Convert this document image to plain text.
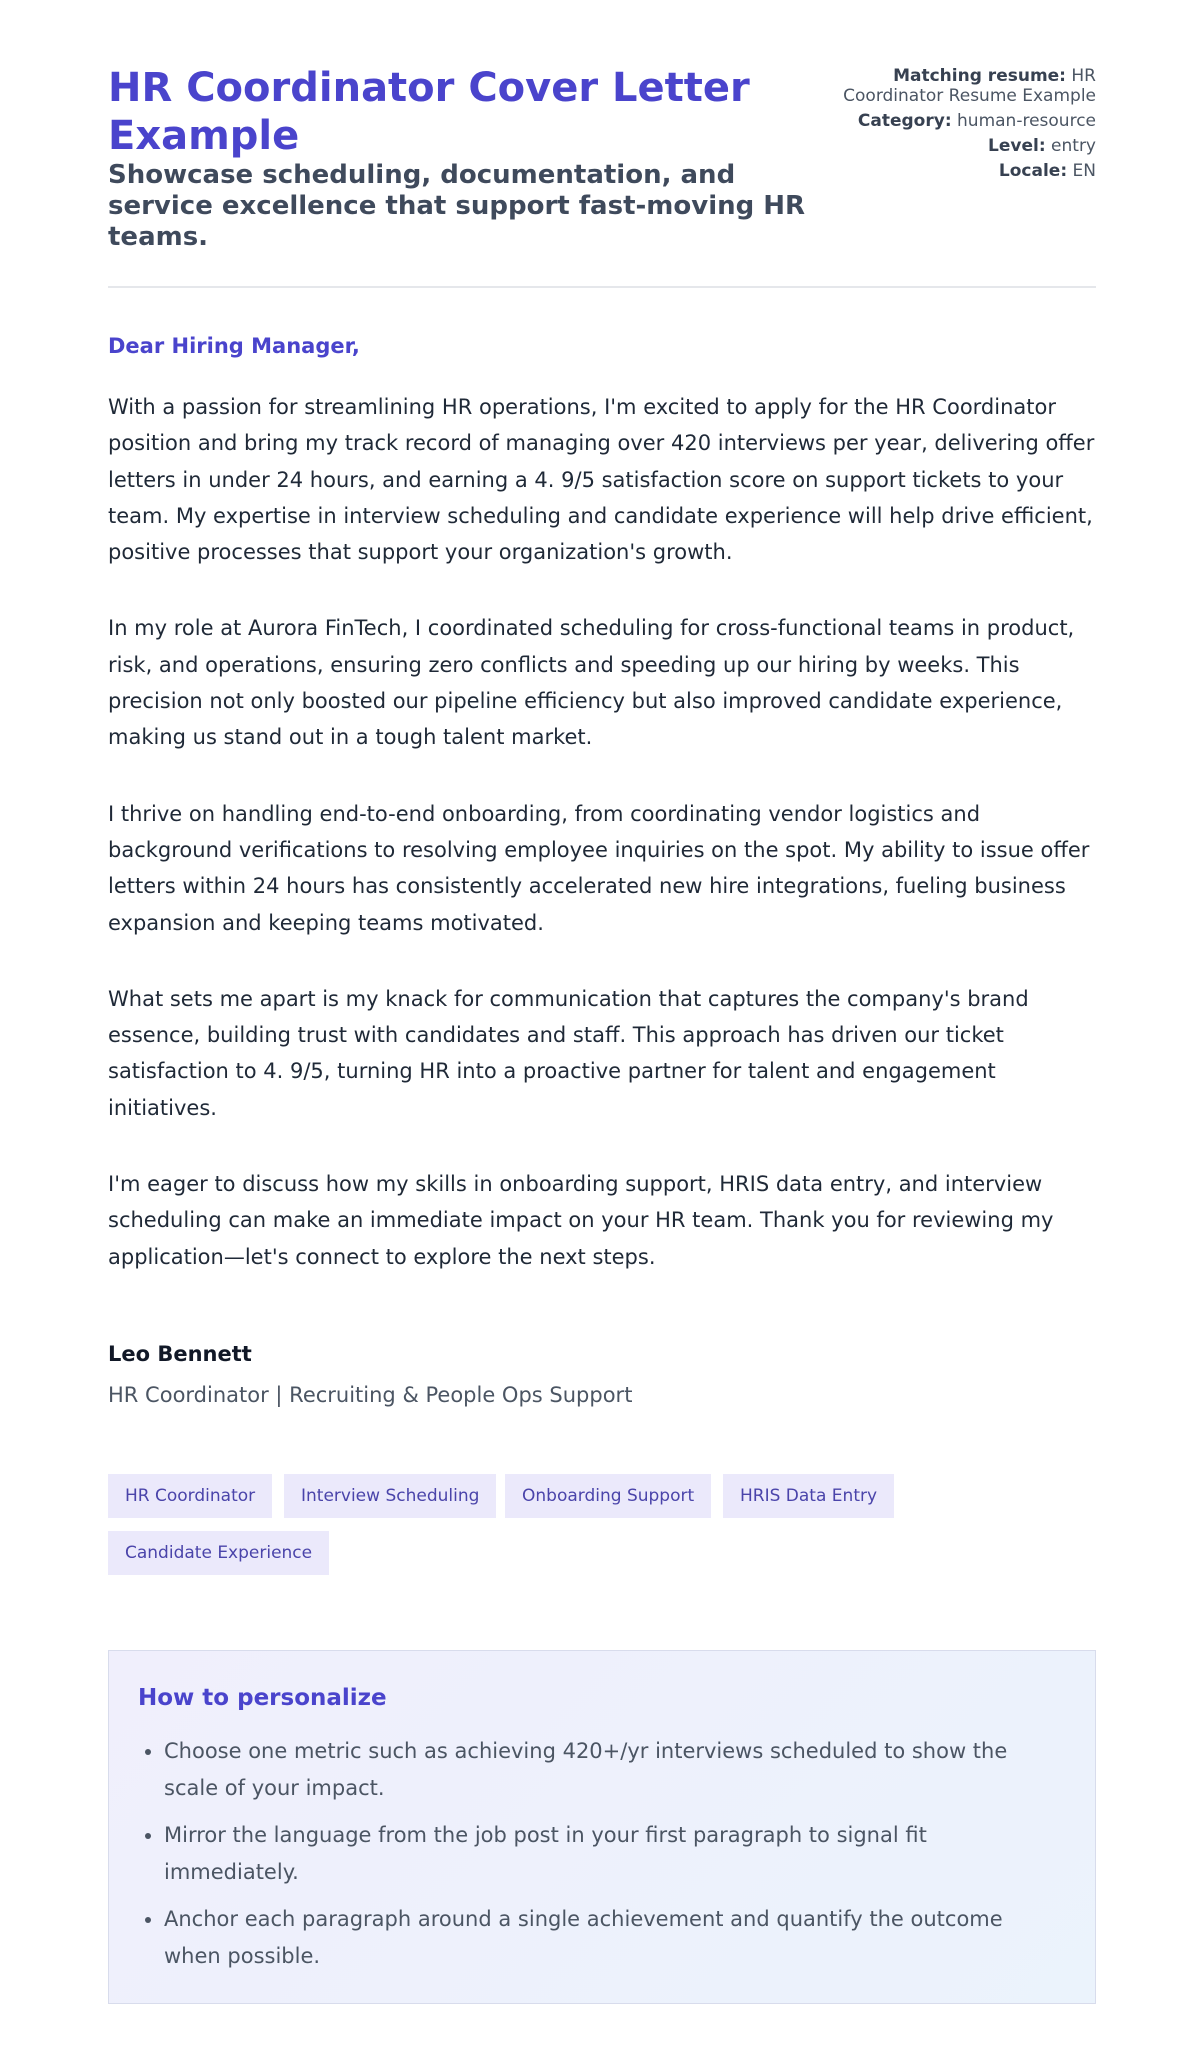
HR Coordinator Cover Letter Example
Showcase scheduling, documentation, and service excellence that support fast-moving HR teams.
Matching resume: HR Coordinator Resume Example
Category: human-resource
Level: entry
Locale: EN
Dear Hiring Manager,

With a passion for streamlining HR operations, I'm excited to apply for the HR Coordinator position and bring my track record of managing over 420 interviews per year, delivering offer letters in under 24 hours, and earning a 4. 9/5 satisfaction score on support tickets to your team. My expertise in interview scheduling and candidate experience will help drive efficient, positive processes that support your organization's growth.

In my role at Aurora FinTech, I coordinated scheduling for cross-functional teams in product, risk, and operations, ensuring zero conflicts and speeding up our hiring by weeks. This precision not only boosted our pipeline efficiency but also improved candidate experience, making us stand out in a tough talent market.

I thrive on handling end-to-end onboarding, from coordinating vendor logistics and background verifications to resolving employee inquiries on the spot. My ability to issue offer letters within 24 hours has consistently accelerated new hire integrations, fueling business expansion and keeping teams motivated.

What sets me apart is my knack for communication that captures the company's brand essence, building trust with candidates and staff. This approach has driven our ticket satisfaction to 4. 9/5, turning HR into a proactive partner for talent and engagement initiatives.

I'm eager to discuss how my skills in onboarding support, HRIS data entry, and interview scheduling can make an immediate impact on your HR team. Thank you for reviewing my application—let's connect to explore the next steps.

Leo Bennett
HR Coordinator | Recruiting & People Ops Support
HR Coordinator	Interview Scheduling	Onboarding Support	HRIS Data Entry
Candidate Experience
How to personalize
• Choose one metric such as achieving 420+/yr interviews scheduled to show the scale of your impact.
• Mirror the language from the job post in your first paragraph to signal fit immediately.
• Anchor each paragraph around a single achievement and quantify the outcome when possible.
